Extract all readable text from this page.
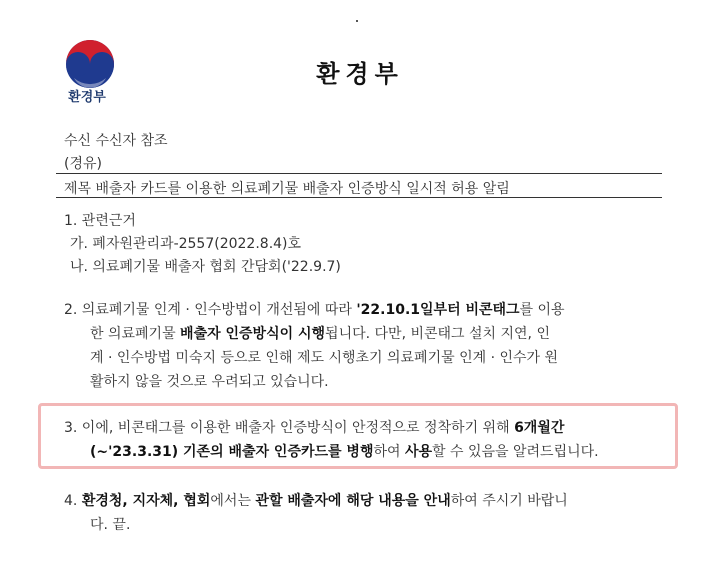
환경부
환경부
수신 수신자 참조
(경유)
제목 배출자 카드를 이용한 의료폐기물 배출자 인증방식 일시적 허용 알림
1. 관련근거
가. 폐자원관리과-2557(2022.8.4)호
나. 의료폐기물 배출자 협회 간담회('22.9.7)
2. 의료폐기물 인계 · 인수방법이 개선됨에 따라 '22.10.1일부터 비콘태그를 이용
한 의료폐기물 배출자 인증방식이 시행됩니다. 다만, 비콘태그 설치 지연, 인
계 · 인수방법 미숙지 등으로 인해 제도 시행초기 의료폐기물 인계 · 인수가 원
활하지 않을 것으로 우려되고 있습니다.
3. 이에, 비콘태그를 이용한 배출자 인증방식이 안정적으로 정착하기 위해 6개월간
(~'23.3.31) 기존의 배출자 인증카드를 병행하여 사용할 수 있음을 알려드립니다.
4. 환경청, 지자체, 협회에서는 관할 배출자에 해당 내용을 안내하여 주시기 바랍니
다. 끝.
